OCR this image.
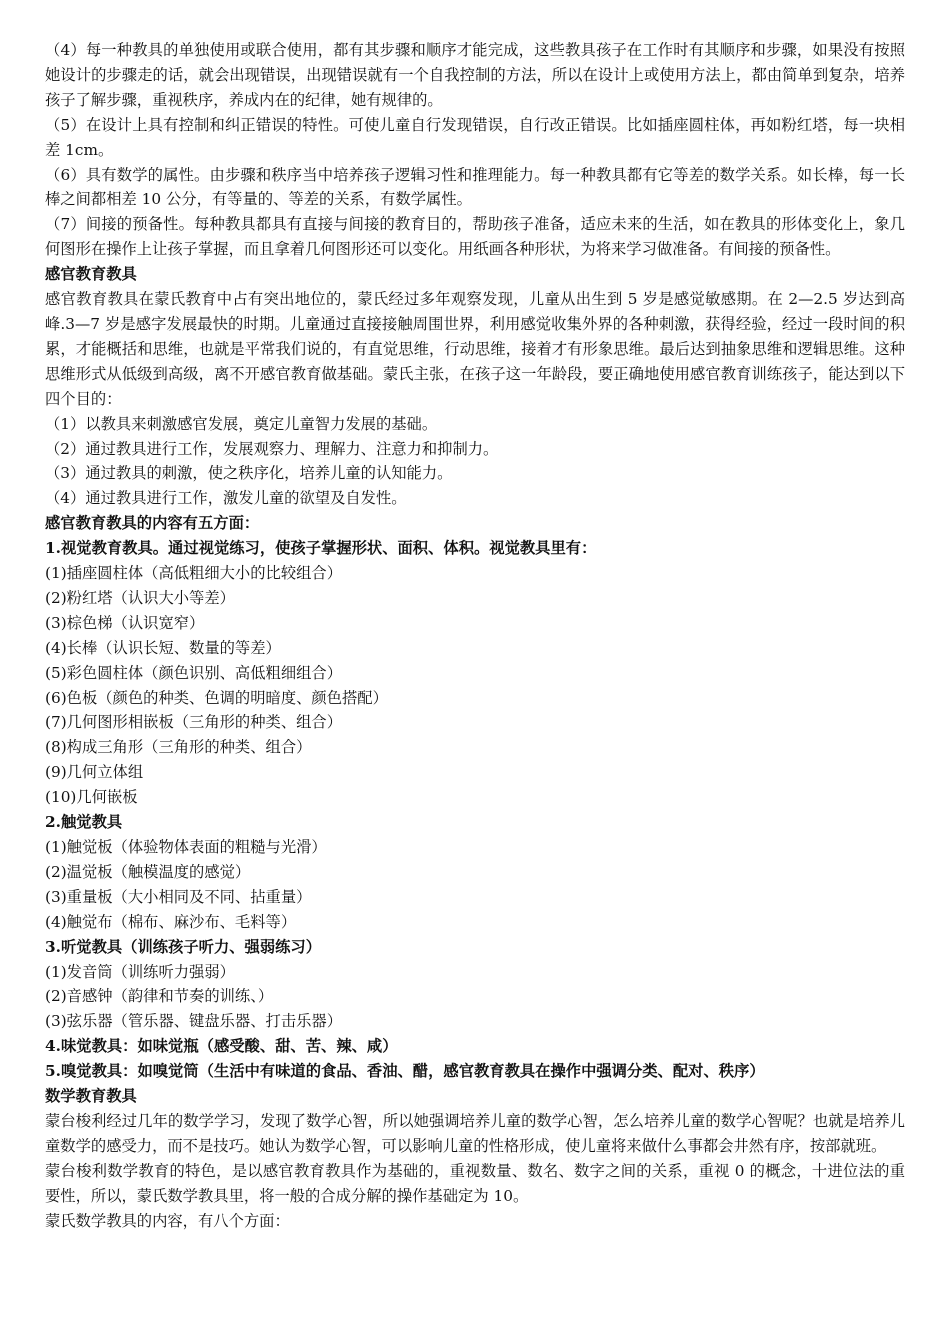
（4）每一种教具的单独使用或联合使用，都有其步骤和顺序才能完成，这些教具孩子在工作时有其顺序和步骤，如果没有按照她设计的步骤走的话，就会出现错误，出现错误就有一个自我控制的方法，所以在设计上或使用方法上，都由简单到复杂，培养孩子了解步骤，重视秩序，养成内在的纪律，她有规律的。

（5）在设计上具有控制和纠正错误的特性。可使儿童自行发现错误，自行改正错误。比如插座圆柱体，再如粉红塔，每一块相差 1cm。

（6）具有数学的属性。由步骤和秩序当中培养孩子逻辑习性和推理能力。每一种教具都有它等差的数学关系。如长棒，每一长棒之间都相差 10 公分，有等量的、等差的关系，有数学属性。

（7）间接的预备性。每种教具都具有直接与间接的教育目的，帮助孩子准备，适应未来的生活，如在教具的形体变化上，象几何图形在操作上让孩子掌握，而且拿着几何图形还可以变化。用纸画各种形状，为将来学习做准备。有间接的预备性。

感官教育教具

感官教育教具在蒙氏教育中占有突出地位的，蒙氏经过多年观察发现，儿童从出生到 5 岁是感觉敏感期。在 2—2.5 岁达到高峰.3—7 岁是感字发展最快的时期。儿童通过直接接触周围世界，利用感觉收集外界的各种刺激，获得经验，经过一段时间的积累，才能概括和思维，也就是平常我们说的，有直觉思维，行动思维，接着才有形象思维。最后达到抽象思维和逻辑思维。这种思维形式从低级到高级，离不开感官教育做基础。蒙氏主张，在孩子这一年龄段，要正确地使用感官教育训练孩子，能达到以下四个目的：

（1）以教具来刺激感官发展，奠定儿童智力发展的基础。

（2）通过教具进行工作，发展观察力、理解力、注意力和抑制力。

（3）通过教具的刺激，使之秩序化，培养儿童的认知能力。

（4）通过教具进行工作，激发儿童的欲望及自发性。

感官教育教具的内容有五方面：

1.视觉教育教具。通过视觉练习，使孩子掌握形状、面积、体积。视觉教具里有：

(1)插座圆柱体（高低粗细大小的比较组合）

(2)粉红塔（认识大小等差）

(3)棕色梯（认识宽窄）

(4)长棒（认识长短、数量的等差）

(5)彩色圆柱体（颜色识别、高低粗细组合）

(6)色板（颜色的种类、色调的明暗度、颜色搭配）

(7)几何图形相嵌板（三角形的种类、组合）

(8)构成三角形（三角形的种类、组合）

(9)几何立体组

(10)几何嵌板

2.触觉教具

(1)触觉板（体验物体表面的粗糙与光滑）

(2)温觉板（触模温度的感觉）

(3)重量板（大小相同及不同、拈重量）

(4)触觉布（棉布、麻沙布、毛料等）

3.听觉教具（训练孩子听力、强弱练习）

(1)发音筒（训练听力强弱）

(2)音感钟（韵律和节奏的训练、）

(3)弦乐器（管乐器、键盘乐器、打击乐器）

4.味觉教具：如味觉瓶（感受酸、甜、苦、辣、咸）

5.嗅觉教具：如嗅觉筒（生活中有味道的食品、香油、醋，感官教育教具在操作中强调分类、配对、秩序）

数学教育教具

蒙台梭利经过几年的数学学习，发现了数学心智，所以她强调培养儿童的数学心智，怎么培养儿童的数学心智呢？也就是培养儿童数学的感受力，而不是技巧。她认为数学心智，可以影响儿童的性格形成，使儿童将来做什么事都会井然有序，按部就班。

蒙台梭利数学教育的特色，是以感官教育教具作为基础的，重视数量、数名、数字之间的关系，重视 0 的概念，十进位法的重要性，所以，蒙氏数学教具里，将一般的合成分解的操作基础定为 10。

蒙氏数学教具的内容，有八个方面：
